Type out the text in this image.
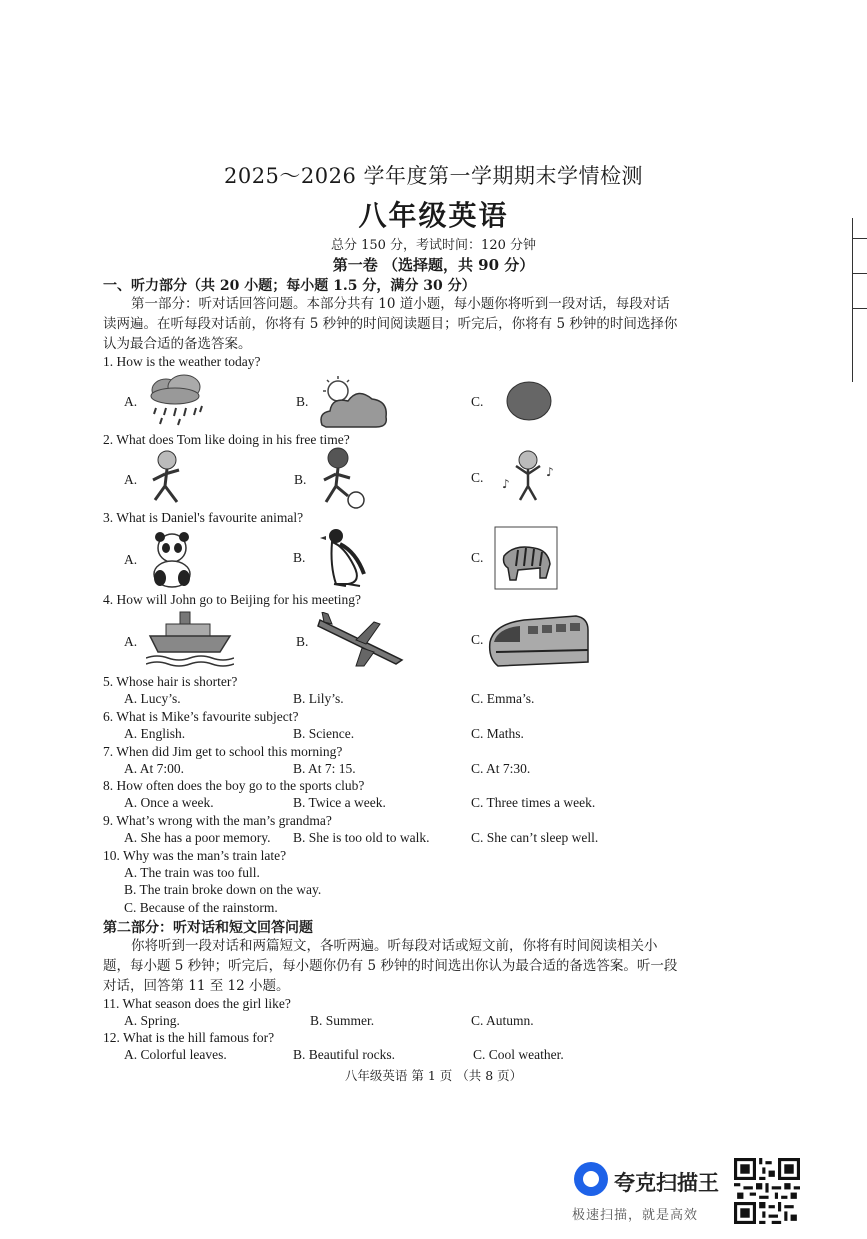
2025～2026 学年度第一学期期末学情检测
八年级英语
总分 150 分，考试时间：120 分钟
第一卷 （选择题，共 90 分）
一、听力部分（共 20 小题；每小题 1.5 分，满分 30 分）
第一部分：听对话回答问题。本部分共有 10 道小题，每小题你将听到一段对话，每段对话读两遍。在听每段对话前，你将有 5 秒钟的时间阅读题目；听完后，你将有 5 秒钟的时间选择你认为最合适的备选答案。
1. How is the weather today?
A.	B.	C.
2. What does Tom like doing in his free time?
A.	B.	C. ♪
♪
3. What is Daniel's favourite animal?
A.	B.	C.
4. How will John go to Beijing for his meeting?
A.	B.	C.
5. Whose hair is shorter?
A. Lucy’s.	B. Lily’s.	C. Emma’s.
6. What is Mike’s favourite subject?
A. English.	B. Science.	C. Maths.
7. When did Jim get to school this morning?
A. At 7:00.	B. At 7: 15.	C. At 7:30.
8. How often does the boy go to the sports club?
A. Once a week.	B. Twice a week.	C. Three times a week.
9. What’s wrong with the man’s grandma?
A. She has a poor memory. B. She is too old to walk.	C. She can’t sleep well.
10. Why was the man’s train late?
A. The train was too full.
B. The train broke down on the way.
C. Because of the rainstorm.
第二部分：听对话和短文回答问题
你将听到一段对话和两篇短文，各听两遍。听每段对话或短文前，你将有时间阅读相关小题，每小题 5 秒钟；听完后，每小题你仍有 5 秒钟的时间选出你认为最合适的备选答案。听一段对话，回答第 11 至 12 小题。
11. What season does the girl like?
A. Spring.	B. Summer.	C. Autumn.
12. What is the hill famous for?
A. Colorful leaves.	B. Beautiful rocks.	C. Cool weather.
八年级英语 第 1 页 （共 8 页）
夸克扫描王
极速扫描，就是高效
